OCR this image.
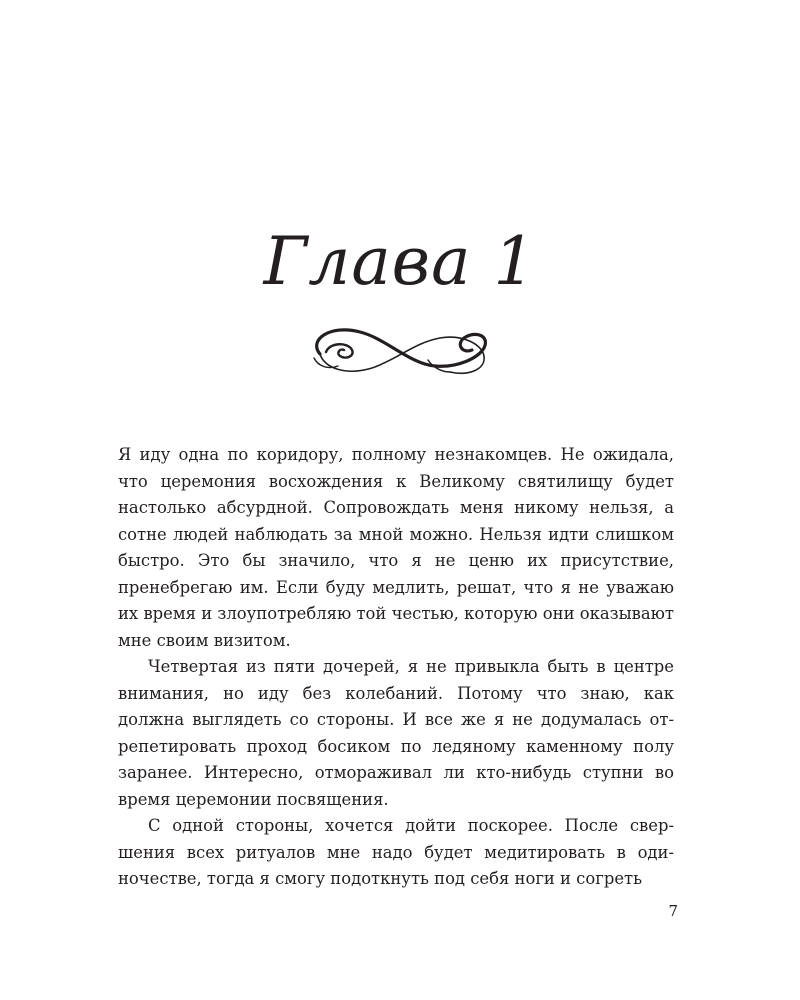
Глава 1

Я иду одна по коридору, полному незнакомцев. Не ожидала, что церемония восхождения к Великому святилищу будет настолько абсурдной. Сопровождать меня никому нельзя, а сотне людей наблюдать за мной можно. Нельзя идти слишком быстро. Это бы значило, что я не ценю их присутствие, пренебрегаю им. Если буду медлить, решат, что я не уважаю их время и злоупотребляю той честью, которую они оказывают мне своим визитом.

Четвертая из пяти дочерей, я не привыкла быть в центре внимания, но иду без колебаний. Потому что знаю, как должна выглядеть со стороны. И все же я не додумалась отрепетировать проход босиком по ледяному каменному полу заранее. Интересно, отмораживал ли кто-нибудь ступни во время церемонии посвящения.

С одной стороны, хочется дойти поскорее. После свершения всех ритуалов мне надо будет медитировать в одиночестве, тогда я смогу подоткнуть под себя ноги и согреть

7
